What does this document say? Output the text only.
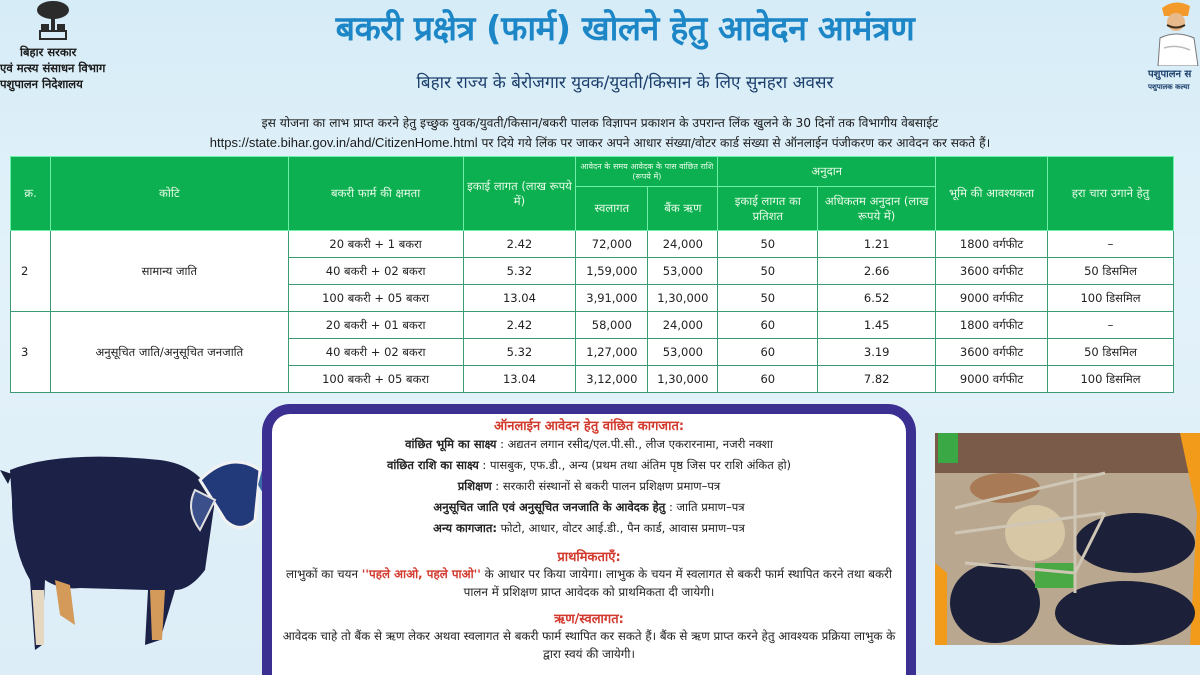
बिहार सरकार
एवं मत्स्य संसाधन विभाग
पशुपालन निदेशालय
बकरी प्रक्षेत्र (फार्म) खोलने हेतु आवेदन आमंत्रण
बिहार राज्य के बेरोजगार युवक/युवती/किसान के लिए सुनहरा अवसर	पशुपालन स
पशुपालक कल्या
इस योजना का लाभ प्राप्त करने हेतु इच्छुक युवक/युवती/किसान/बकरी पालक विज्ञापन प्रकाशन के उपरान्त लिंक खुलने के 30 दिनों तक विभागीय वेबसाईट
https://state.bihar.gov.in/ahd/CitizenHome.html पर दिये गये लिंक पर जाकर अपने आधार संख्या/वोटर कार्ड संख्या से ऑनलाईन पंजीकरण कर आवेदन कर सकते हैं।
क्र.	कोटि	बकरी फार्म की क्षमता	इकाई लागत (लाख रूपये में)	आवेदन के समय आवेदक के पास वांछित राशि (रूपये में)		अनुदान		भूमि की आवश्यकता	हरा चारा उगाने हेतु
				स्वलागत	बैंक ऋण	इकाई लागत का प्रतिशत	अधिकतम अनुदान (लाख रूपये में)		
2	सामान्य जाति	20 बकरी + 1 बकरा	2.42	72,000	24,000	50	1.21	1800 वर्गफीट	–
		40 बकरी + 02 बकरा	5.32	1,59,000	53,000	50	2.66	3600 वर्गफीट	50 डिसमिल
		100 बकरी + 05 बकरा	13.04	3,91,000	1,30,000	50	6.52	9000 वर्गफीट	100 डिसमिल
3	अनुसूचित जाति/अनुसूचित जनजाति	20 बकरी + 01 बकरा	2.42	58,000	24,000	60	1.45	1800 वर्गफीट	–
		40 बकरी + 02 बकरा	5.32	1,27,000	53,000	60	3.19	3600 वर्गफीट	50 डिसमिल
		100 बकरी + 05 बकरा	13.04	3,12,000	1,30,000	60	7.82	9000 वर्गफीट	100 डिसमिल
ऑनलाईन आवेदन हेतु वांछित कागजात:
वांछित भूमि का साक्ष्य : अद्यतन लगान रसीद/एल.पी.सी., लीज एकरारनामा, नजरी नक्शा
वांछित राशि का साक्ष्य : पासबुक, एफ.डी., अन्य (प्रथम तथा अंतिम पृष्ठ जिस पर राशि अंकित हो)
प्रशिक्षण : सरकारी संस्थानों से बकरी पालन प्रशिक्षण प्रमाण–पत्र
अनुसूचित जाति एवं अनुसूचित जनजाति के आवेदक हेतु : जाति प्रमाण–पत्र
अन्य कागजात: फोटो, आधार, वोटर आई.डी., पैन कार्ड, आवास प्रमाण–पत्र
प्राथमिकताएँ:
लाभुकों का चयन ''पहले आओ, पहले पाओ'' के आधार पर किया जायेगा। लाभुक के चयन में स्वलागत से बकरी फार्म स्थापित करने तथा बकरी पालन में प्रशिक्षण प्राप्त आवेदक को प्राथमिकता दी जायेगी।
ऋण/स्वलागत:
आवेदक चाहे तो बैंक से ऋण लेकर अथवा स्वलागत से बकरी फार्म स्थापित कर सकते हैं। बैंक से ऋण प्राप्त करने हेतु आवश्यक प्रक्रिया लाभुक के द्वारा स्वयं की जायेगी।
